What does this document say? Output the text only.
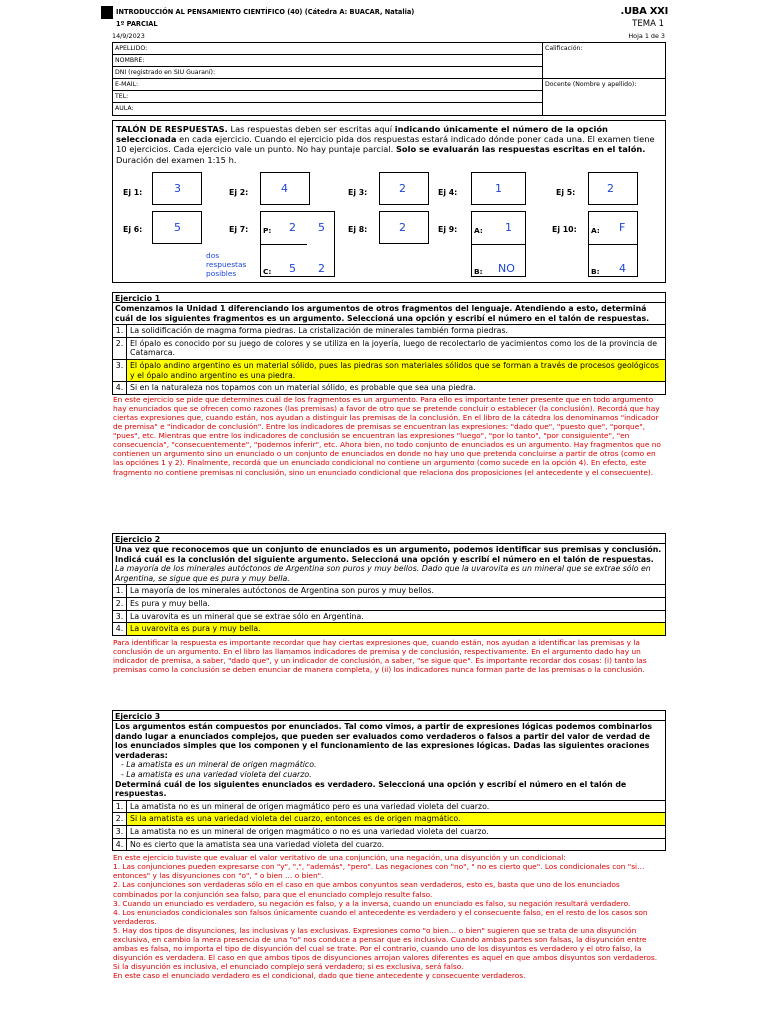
INTRODUCCIÓN AL PENSAMIENTO CIENTÍFICO (40) (Cátedra A: BUACAR, Natalia)
1º PARCIAL
14/9/2023
.UBA XXI
TEMA 1
Hoja 1 de 3
APELLIDO:
NOMBRE:
DNI (registrado en SIU Guaraní):
E-MAIL:
TEL:
AULA:
Calificación:
Docente (Nombre y apellido):
TALÓN DE RESPUESTAS. Las respuestas deben ser escritas aquí indicando únicamente el número de la opción seleccionada en cada ejercicio. Cuando el ejercicio pida dos respuestas estará indicado dónde poner cada una. El examen tiene 10 ejercicios. Cada ejercicio vale un punto. No hay puntaje parcial. Solo se evaluarán las respuestas escritas en el talón. Duración del examen 1:15 h.
Ej 1:	3	Ej 2:	4	Ej 3:	2	Ej 4:	1	Ej 5:	2
Ej 6:	5	Ej 7: P: 2 5
C: 5 2
dos
respuestas
posibles
Ej 8:	2	Ej 9: A: 1
B: NO
Ej 10: A: F
B: 4
Ejercicio 1
Comenzamos la Unidad 1 diferenciando los argumentos de otros fragmentos del lenguaje. Atendiendo a esto, determiná cuál de los siguientes fragmentos es un argumento. Seleccioná una opción y escribí el número en el talón de respuestas.
1. La solidificación de magma forma piedras. La cristalización de minerales también forma piedras.
2. El ópalo es conocido por su juego de colores y se utiliza en la joyería, luego de recolectarlo de yacimientos como los de la provincia de Catamarca.
3. El ópalo andino argentino es un material sólido, pues las piedras son materiales sólidos que se forman a través de procesos geológicos y el ópalo andino argentino es una piedra.
4. Si en la naturaleza nos topamos con un material sólido, es probable que sea una piedra.
En este ejercicio se pide que determines cuál de los fragmentos es un argumento. Para ello es importante tener presente que en todo argumento hay enunciados que se ofrecen como razones (las premisas) a favor de otro que se pretende concluir o establecer (la conclusión). Recordá que hay ciertas expresiones que, cuando están, nos ayudan a distinguir las premisas de la conclusión. En el libro de la cátedra los denominamos "indicador de premisa" e "indicador de conclusión". Entre los indicadores de premisas se encuentran las expresiones: "dado que", "puesto que", "porque", "pues", etc. Mientras que entre los indicadores de conclusión se encuentran las expresiones "luego", "por lo tanto", "por consiguiente", "en consecuencia", "consecuentemente", "podemos inferir", etc. Ahora bien, no todo conjunto de enunciados es un argumento. Hay fragmentos que no contienen un argumento sino un enunciado o un conjunto de enunciados en donde no hay uno que pretenda concluirse a partir de otros (como en las opciónes 1 y 2). Finalmente, recordá que un enunciado condicional no contiene un argumento (como sucede en la opción 4). En efecto, este fragmento no contiene premisas ni conclusión, sino un enunciado condicional que relaciona dos proposiciones (el antecedente y el consecuente).
Ejercicio 2
Una vez que reconocemos que un conjunto de enunciados es un argumento, podemos identificar sus premisas y conclusión. Indicá cuál es la conclusión del siguiente argumento. Seleccioná una opción y escribí el número en el talón de respuestas.
La mayoría de los minerales autóctonos de Argentina son puros y muy bellos. Dado que la uvarovita es un mineral que se extrae sólo en Argentina, se sigue que es pura y muy bella.
1. La mayoría de los minerales autóctonos de Argentina son puros y muy bellos.
2. Es pura y muy bella.
3. La uvarovita es un mineral que se extrae sólo en Argentina.
4. La uvarovita es pura y muy bella.
Para identificar la respuesta es importante recordar que hay ciertas expresiones que, cuando están, nos ayudan a identificar las premisas y la conclusión de un argumento. En el libro las llamamos indicadores de premisa y de conclusión, respectivamente. En el argumento dado hay un indicador de premisa, a saber, "dado que", y un indicador de conclusión, a saber, "se sigue que". Es importante recordar dos cosas: (i) tanto las premisas como la conclusión se deben enunciar de manera completa, y (ii) los indicadores nunca forman parte de las premisas o la conclusión.
Ejercicio 3
Los argumentos están compuestos por enunciados. Tal como vimos, a partir de expresiones lógicas podemos combinarlos dando lugar a enunciados complejos, que pueden ser evaluados como verdaderos o falsos a partir del valor de verdad de los enunciados simples que los componen y el funcionamiento de las expresiones lógicas. Dadas las siguientes oraciones verdaderas:
- La amatista es un mineral de origen magmático.
- La amatista es una variedad violeta del cuarzo.
Determiná cuál de los siguientes enunciados es verdadero. Seleccioná una opción y escribí el número en el talón de respuestas.
1. La amatista no es un mineral de origen magmático pero es una variedad violeta del cuarzo.
2. Si la amatista es una variedad violeta del cuarzo, entonces es de origen magmático.
3. La amatista no es un mineral de origen magmático o no es una variedad violeta del cuarzo.
4. No es cierto que la amatista sea una variedad violeta del cuarzo.

En este ejercicio tuviste que evaluar el valor veritativo de una conjunción, una negación, una disyunción y un condicional:

1. Las conjunciones pueden expresarse con "y", ",", "además", "pero". Las negaciones con "no", " no es cierto que". Los condicionales con "si… entonces" y las disyunciones con "o", " o bien … o bien".

2. Las conjunciones son verdaderas sólo en el caso en que ambos conyuntos sean verdaderos, esto es, basta que uno de los enunciados combinados por la conjunción sea falso, para que el enunciado complejo resulte falso.

3. Cuando un enunciado es verdadero, su negación es falso, y a la inversa, cuando un enunciado es falso, su negación resultará verdadero.

4. Los enunciados condicionales son falsos únicamente cuando el antecedente es verdadero y el consecuente falso, en el resto de los casos son verdaderos.

5. Hay dos tipos de disyunciones, las inclusivas y las exclusivas. Expresiones como "o bien… o bien" sugieren que se trata de una disyunción exclusiva, en cambio la mera presencia de una "o" nos conduce a pensar que es inclusiva. Cuando ambas partes son falsas, la disyunción entre ambas es falsa, no importa el tipo de disyunción del cual se trate. Por el contrario, cuando uno de los disyuntos es verdadero y el otro falso, la disyunción es verdadera. El caso en que ambos tipos de disyunciones arrojan valores diferentes es aquel en que ambos disyuntos son verdaderos. Si la disyunción es inclusiva, el enunciado complejo será verdadero; si es exclusiva, será falso.

En este caso el enunciado verdadero es el condicional, dado que tiene antecedente y consecuente verdaderos.
